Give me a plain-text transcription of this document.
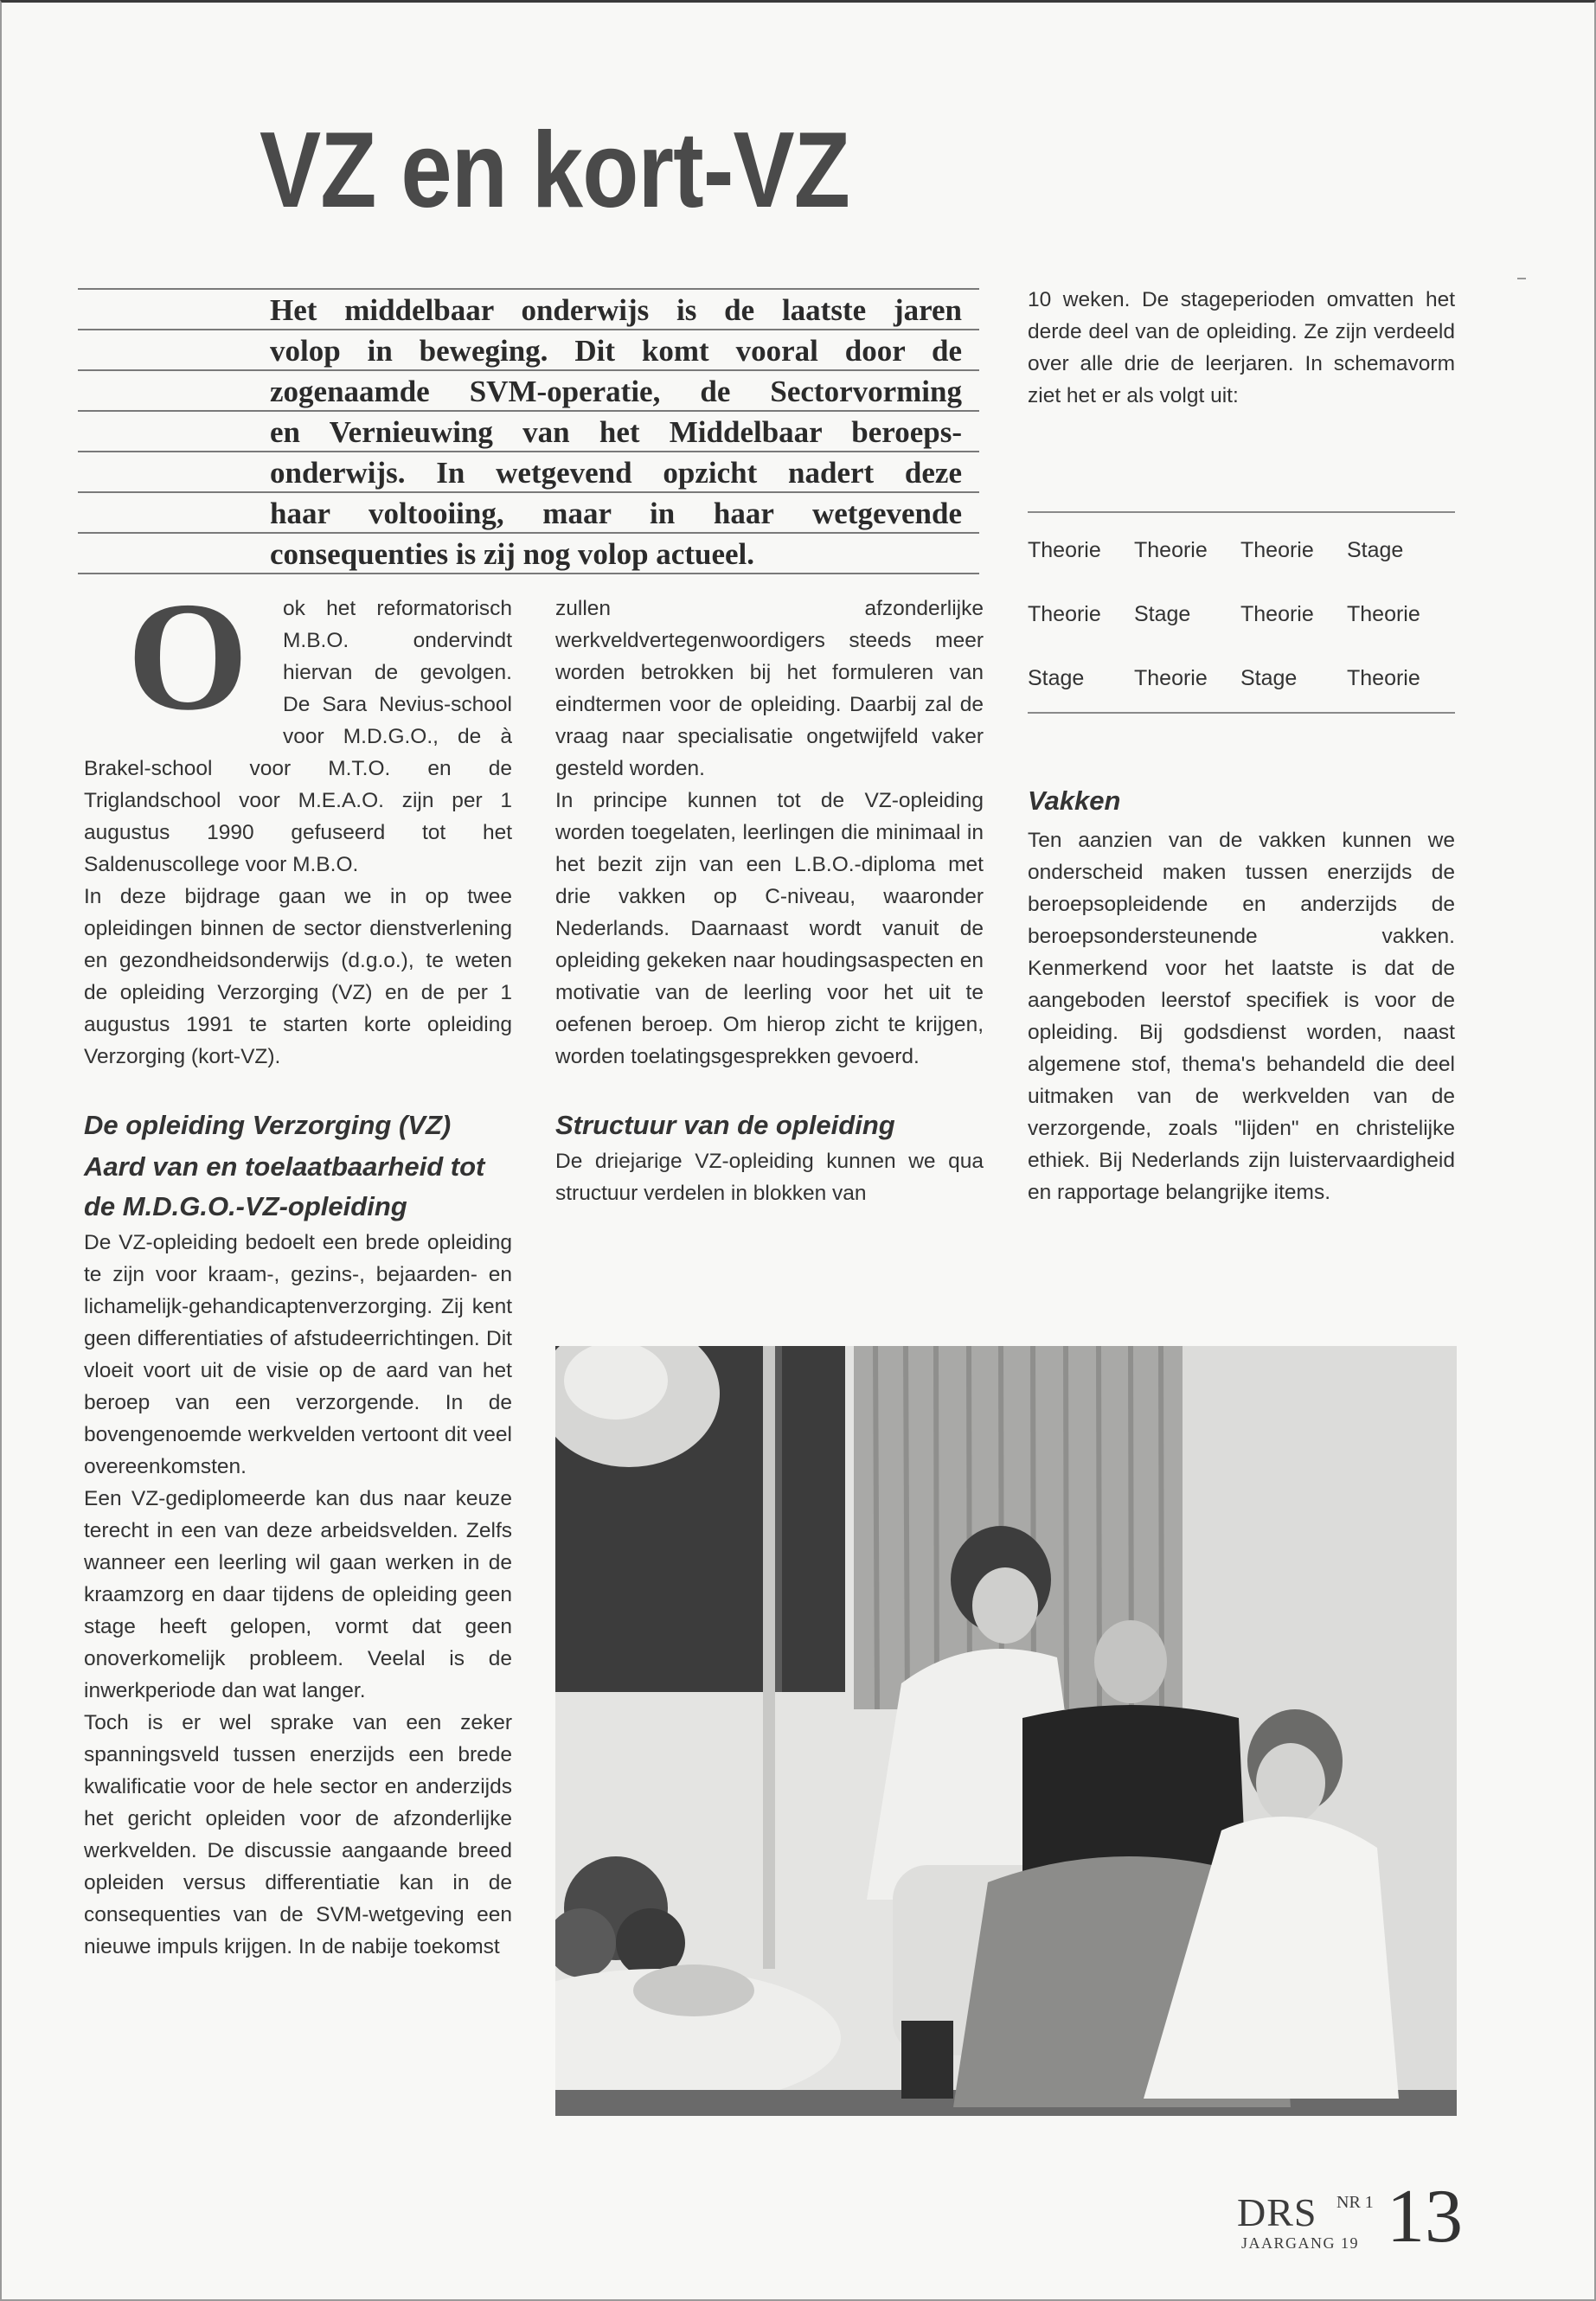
VZ en kort-VZ
Het middelbaar onderwijs is de laatste jaren
volop in beweging. Dit komt vooral door de
zogenaamde SVM-operatie, de Sectorvorming
en Vernieuwing van het Middelbaar beroeps-
onderwijs. In wetgevend opzicht nadert deze
haar voltooiing, maar in haar wetgevende
consequenties is zij nog volop actueel.
O	ok het reformatorisch M.B.O. ondervindt hiervan de gevolgen. De Sara Nevius-school voor M.D.G.O., de à Brakel-school voor M.T.O. en de Triglandschool voor M.E.A.O. zijn per 1 augustus 1990 gefuseerd tot het Saldenuscollege voor M.B.O.

In deze bijdrage gaan we in op twee opleidingen binnen de sector dienstverlening en gezondheidsonderwijs (d.g.o.), te weten de opleiding Verzorging (VZ) en de per 1 augustus 1991 te starten korte opleiding Verzorging (kort-VZ).

De opleiding Verzorging (VZ)
Aard van en toelaatbaarheid tot de M.D.G.O.-VZ-opleiding

De VZ-opleiding bedoelt een brede opleiding te zijn voor kraam-, gezins-, bejaarden- en lichamelijk-gehandicaptenverzorging. Zij kent geen differentiaties of afstudeerrichtingen. Dit vloeit voort uit de visie op de aard van het beroep van een verzorgende. In de bovengenoemde werkvelden vertoont dit veel overeenkomsten.

Een VZ-gediplomeerde kan dus naar keuze terecht in een van deze arbeidsvelden. Zelfs wanneer een leerling wil gaan werken in de kraamzorg en daar tijdens de opleiding geen stage heeft gelopen, vormt dat geen onoverkomelijk probleem. Veelal is de inwerkperiode dan wat langer.

Toch is er wel sprake van een zeker spanningsveld tussen enerzijds een brede kwalificatie voor de hele sector en anderzijds het gericht opleiden voor de afzonderlijke werkvelden. De discussie aangaande breed opleiden versus differentiatie kan in de consequenties van de SVM-wetgeving een nieuwe impuls krijgen. In de nabije toekomst

zullen afzonderlijke werkveldvertegenwoordigers steeds meer worden betrokken bij het formuleren van eindtermen voor de opleiding. Daarbij zal de vraag naar specialisatie ongetwijfeld vaker gesteld worden.

In principe kunnen tot de VZ-opleiding worden toegelaten, leerlingen die minimaal in het bezit zijn van een L.B.O.-diploma met drie vakken op C-niveau, waaronder Nederlands. Daarnaast wordt vanuit de opleiding gekeken naar houdingsaspecten en motivatie van de leerling voor het uit te oefenen beroep. Om hierop zicht te krijgen, worden toelatingsgesprekken gevoerd.

Structuur van de opleiding

De driejarige VZ-opleiding kunnen we qua structuur verdelen in blokken van

10 weken. De stageperioden omvatten het derde deel van de opleiding. Ze zijn verdeeld over alle drie de leerjaren. In schemavorm ziet het er als volgt uit:

Theorie	Theorie	Theorie	Stage
Theorie	Stage	Theorie	Theorie
Stage	Theorie	Stage	Theorie
Vakken

Ten aanzien van de vakken kunnen we onderscheid maken tussen enerzijds de beroepsopleidende en anderzijds de beroepsondersteunende vakken. Kenmerkend voor het laatste is dat de aangeboden leerstof specifiek is voor de opleiding. Bij godsdienst worden, naast algemene stof, thema's behandeld die deel uitmaken van de werkvelden van de verzorgende, zoals "lijden" en christelijke ethiek. Bij Nederlands zijn luistervaardigheid en rapportage belangrijke items.

DRS NR 1
JAARGANG 19 13
